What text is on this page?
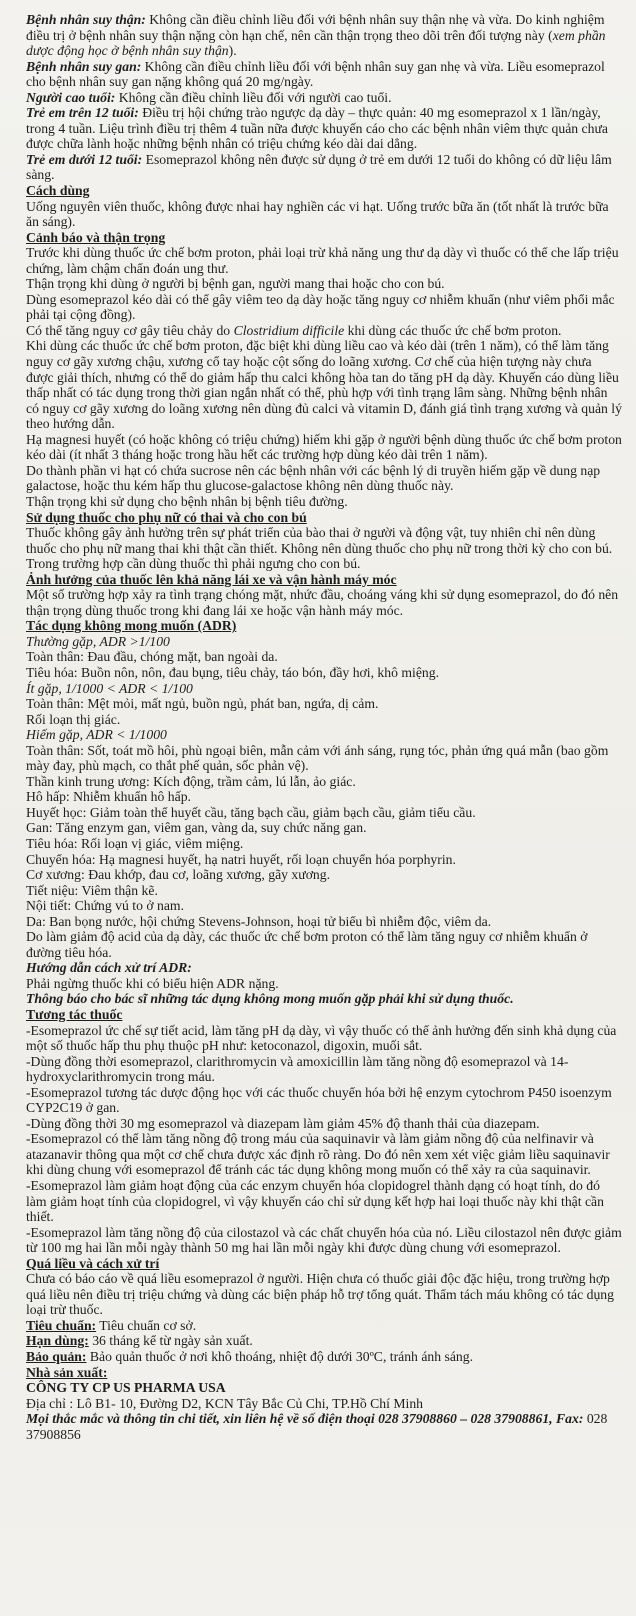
Bệnh nhân suy thận: Không cần điều chỉnh liều đối với bệnh nhân suy thận nhẹ và vừa. Do kinh nghiệm điều trị ở bệnh nhân suy thận nặng còn hạn chế, nên cần thận trọng theo dõi trên đối tượng này (xem phần dược động học ở bệnh nhân suy thận).

Bệnh nhân suy gan: Không cần điều chỉnh liều đối với bệnh nhân suy gan nhẹ và vừa. Liều esomeprazol cho bệnh nhân suy gan nặng không quá 20 mg/ngày.

Người cao tuổi: Không cần điều chỉnh liều đối với người cao tuổi.

Trẻ em trên 12 tuổi: Điều trị hội chứng trào ngược dạ dày – thực quản: 40 mg esomeprazol x 1 lần/ngày, trong 4 tuần. Liệu trình điều trị thêm 4 tuần nữa được khuyến cáo cho các bệnh nhân viêm thực quản chưa được chữa lành hoặc những bệnh nhân có triệu chứng kéo dài dai dẳng.

Trẻ em dưới 12 tuổi: Esomeprazol không nên được sử dụng ở trẻ em dưới 12 tuổi do không có dữ liệu lâm sàng.

Cách dùng

Uống nguyên viên thuốc, không được nhai hay nghiền các vi hạt. Uống trước bữa ăn (tốt nhất là trước bữa ăn sáng).

Cảnh báo và thận trọng

Trước khi dùng thuốc ức chế bơm proton, phải loại trừ khả năng ung thư dạ dày vì thuốc có thể che lấp triệu chứng, làm chậm chẩn đoán ung thư.

Thận trọng khi dùng ở người bị bệnh gan, người mang thai hoặc cho con bú.

Dùng esomeprazol kéo dài có thể gây viêm teo dạ dày hoặc tăng nguy cơ nhiễm khuẩn (như viêm phổi mắc phải tại cộng đồng).

Có thể tăng nguy cơ gây tiêu chảy do Clostridium difficile khi dùng các thuốc ức chế bơm proton.

Khi dùng các thuốc ức chế bơm proton, đặc biệt khi dùng liều cao và kéo dài (trên 1 năm), có thể làm tăng nguy cơ gãy xương chậu, xương cổ tay hoặc cột sống do loãng xương. Cơ chế của hiện tượng này chưa được giải thích, nhưng có thể do giảm hấp thu calci không hòa tan do tăng pH dạ dày. Khuyến cáo dùng liều thấp nhất có tác dụng trong thời gian ngắn nhất có thể, phù hợp với tình trạng lâm sàng. Những bệnh nhân có nguy cơ gãy xương do loãng xương nên dùng đủ calci và vitamin D, đánh giá tình trạng xương và quản lý theo hướng dẫn.

Hạ magnesi huyết (có hoặc không có triệu chứng) hiếm khi gặp ở người bệnh dùng thuốc ức chế bơm proton kéo dài (ít nhất 3 tháng hoặc trong hầu hết các trường hợp dùng kéo dài trên 1 năm).

Do thành phần vi hạt có chứa sucrose nên các bệnh nhân với các bệnh lý di truyền hiếm gặp về dung nạp galactose, hoặc thu kém hấp thu glucose-galactose không nên dùng thuốc này.

Thận trọng khi sử dụng cho bệnh nhân bị bệnh tiêu đường.

Sử dụng thuốc cho phụ nữ có thai và cho con bú

Thuốc không gây ảnh hưởng trên sự phát triển của bào thai ở người và động vật, tuy nhiên chỉ nên dùng thuốc cho phụ nữ mang thai khi thật cần thiết. Không nên dùng thuốc cho phụ nữ trong thời kỳ cho con bú. Trong trường hợp cần dùng thuốc thì phải ngưng cho con bú.

Ảnh hưởng của thuốc lên khả năng lái xe và vận hành máy móc

Một số trường hợp xảy ra tình trạng chóng mặt, nhức đầu, choáng váng khi sử dụng esomeprazol, do đó nên thận trọng dùng thuốc trong khi đang lái xe hoặc vận hành máy móc.

Tác dụng không mong muốn (ADR)

Thường gặp, ADR >1/100

Toàn thân: Đau đầu, chóng mặt, ban ngoài da.

Tiêu hóa: Buồn nôn, nôn, đau bụng, tiêu chảy, táo bón, đầy hơi, khô miệng.

Ít gặp, 1/1000 < ADR < 1/100

Toàn thân: Mệt mỏi, mất ngủ, buồn ngủ, phát ban, ngứa, dị cảm.

Rối loạn thị giác.

Hiếm gặp, ADR < 1/1000

Toàn thân: Sốt, toát mồ hôi, phù ngoại biên, mẫn cảm với ánh sáng, rụng tóc, phản ứng quá mẫn (bao gồm mày đay, phù mạch, co thắt phế quản, sốc phản vệ).

Thần kinh trung ương: Kích động, trầm cảm, lú lẫn, ảo giác.

Hô hấp: Nhiễm khuẩn hô hấp.

Huyết học: Giảm toàn thể huyết cầu, tăng bạch cầu, giảm bạch cầu, giảm tiểu cầu.

Gan: Tăng enzym gan, viêm gan, vàng da, suy chức năng gan.

Tiêu hóa: Rối loạn vị giác, viêm miệng.

Chuyển hóa: Hạ magnesi huyết, hạ natri huyết, rối loạn chuyển hóa porphyrin.

Cơ xương: Đau khớp, đau cơ, loãng xương, gãy xương.

Tiết niệu: Viêm thận kẽ.

Nội tiết: Chứng vú to ở nam.

Da: Ban bọng nước, hội chứng Stevens-Johnson, hoại tử biểu bì nhiễm độc, viêm da.

Do làm giảm độ acid của dạ dày, các thuốc ức chế bơm proton có thể làm tăng nguy cơ nhiễm khuẩn ở đường tiêu hóa.

Hướng dẫn cách xử trí ADR:

Phải ngừng thuốc khi có biểu hiện ADR nặng.

Thông báo cho bác sĩ những tác dụng không mong muốn gặp phải khi sử dụng thuốc.

Tương tác thuốc

-Esomeprazol ức chế sự tiết acid, làm tăng pH dạ dày, vì vậy thuốc có thể ảnh hưởng đến sinh khả dụng của một số thuốc hấp thu phụ thuộc pH như: ketoconazol, digoxin, muối sắt.

-Dùng đồng thời esomeprazol, clarithromycin và amoxicillin làm tăng nồng độ esomeprazol và 14-hydroxyclarithromycin trong máu.

-Esomeprazol tương tác dược động học với các thuốc chuyển hóa bởi hệ enzym cytochrom P450 isoenzym CYP2C19 ở gan.

-Dùng đồng thời 30 mg esomeprazol và diazepam làm giảm 45% độ thanh thải của diazepam.

-Esomeprazol có thể làm tăng nồng độ trong máu của saquinavir và làm giảm nồng độ của nelfinavir và atazanavir thông qua một cơ chế chưa được xác định rõ ràng. Do đó nên xem xét việc giảm liều saquinavir khi dùng chung với esomeprazol để tránh các tác dụng không mong muốn có thể xảy ra của saquinavir.

-Esomeprazol làm giảm hoạt động của các enzym chuyển hóa clopidogrel thành dạng có hoạt tính, do đó làm giảm hoạt tính của clopidogrel, vì vậy khuyến cáo chỉ sử dụng kết hợp hai loại thuốc này khi thật cần thiết.

-Esomeprazol làm tăng nồng độ của cilostazol và các chất chuyển hóa của nó. Liều cilostazol nên được giảm từ 100 mg hai lần mỗi ngày thành 50 mg hai lần mỗi ngày khi được dùng chung với esomeprazol.

Quá liều và cách xử trí

Chưa có báo cáo về quá liều esomeprazol ở người. Hiện chưa có thuốc giải độc đặc hiệu, trong trường hợp quá liều nên điều trị triệu chứng và dùng các biện pháp hỗ trợ tổng quát. Thẩm tách máu không có tác dụng loại trừ thuốc.

Tiêu chuẩn: Tiêu chuẩn cơ sở.

Hạn dùng: 36 tháng kể từ ngày sản xuất.

Bảo quản: Bảo quản thuốc ở nơi khô thoáng, nhiệt độ dưới 30ºC, tránh ánh sáng.

Nhà sản xuất:

CÔNG TY CP US PHARMA USA

Địa chỉ : Lô B1- 10, Đường D2, KCN Tây Bắc Củ Chi, TP.Hồ Chí Minh

Mọi thắc mắc và thông tin chi tiết, xin liên hệ về số điện thoại 028 37908860 – 028 37908861, Fax: 028 37908856
